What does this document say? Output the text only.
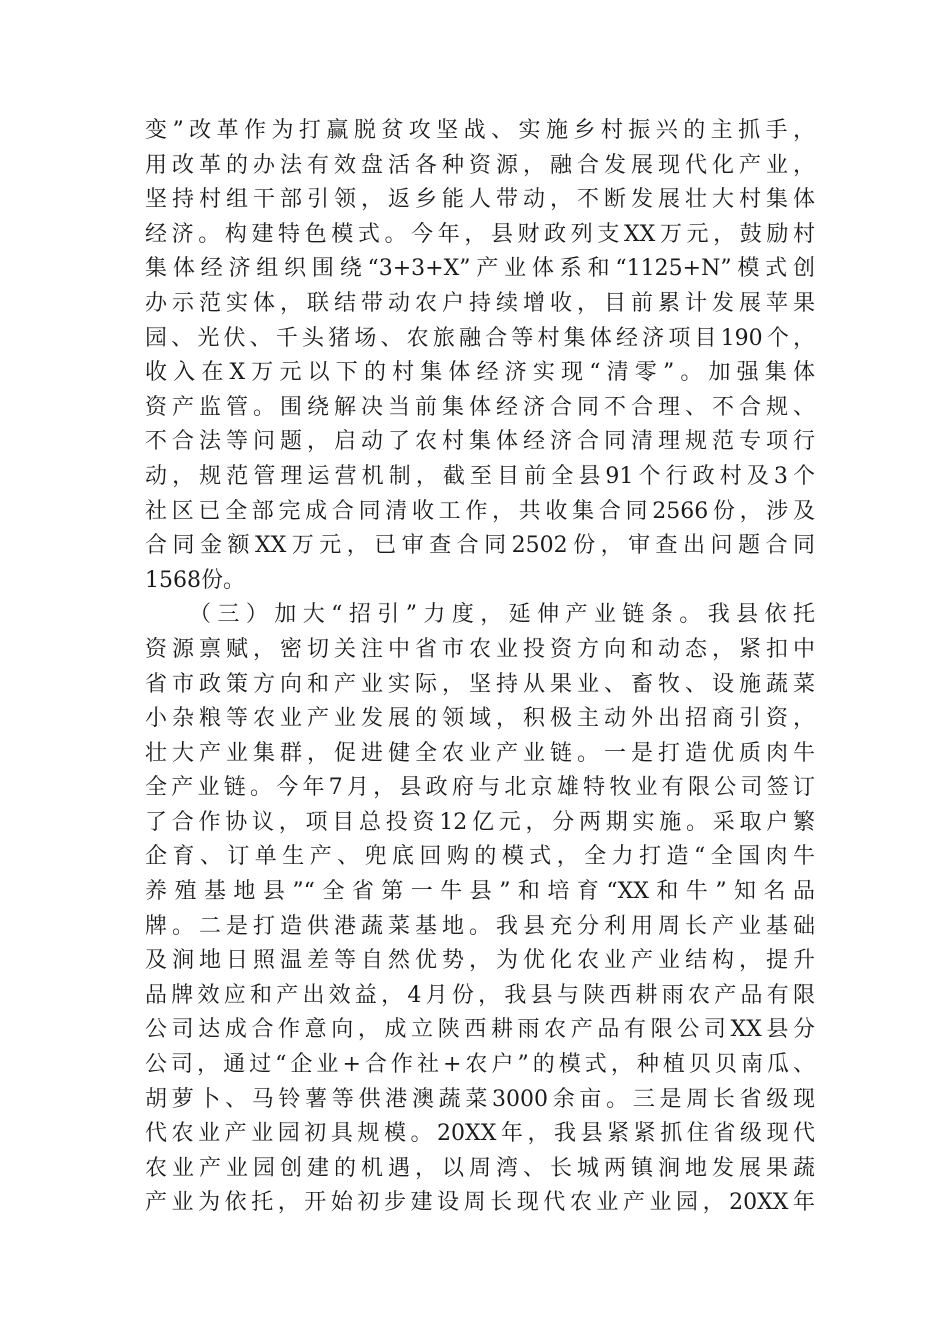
变”改革作为打赢脱贫攻坚战、实施乡村振兴的主抓手，
用改革的办法有效盘活各种资源，融合发展现代化产业，
坚持村组干部引领，返乡能人带动，不断发展壮大村集体
经济。构建特色模式。今年，县财政列支XX万元，鼓励村
集体经济组织围绕“3+3+X”产业体系和“1125+N”模式创
办示范实体，联结带动农户持续增收，目前累计发展苹果
园、光伏、千头猪场、农旅融合等村集体经济项目190个，
收入在X万元以下的村集体经济实现“清零”。加强集体
资产监管。围绕解决当前集体经济合同不合理、不合规、
不合法等问题，启动了农村集体经济合同清理规范专项行
动，规范管理运营机制，截至目前全县91个行政村及3个
社区已全部完成合同清收工作，共收集合同2566份，涉及
合同金额XX万元，已审查合同2502份，审查出问题合同
1568份。
（三）加大“招引”力度，延伸产业链条。我县依托
资源禀赋，密切关注中省市农业投资方向和动态，紧扣中
省市政策方向和产业实际，坚持从果业、畜牧、设施蔬菜
小杂粮等农业产业发展的领域，积极主动外出招商引资，
壮大产业集群，促进健全农业产业链。一是打造优质肉牛
全产业链。今年7月，县政府与北京雄特牧业有限公司签订
了合作协议，项目总投资12亿元，分两期实施。采取户繁
企育、订单生产、兜底回购的模式，全力打造“全国肉牛
养殖基地县”“全省第一牛县”和培育“XX和牛”知名品
牌。二是打造供港蔬菜基地。我县充分利用周长产业基础
及涧地日照温差等自然优势，为优化农业产业结构，提升
品牌效应和产出效益，4月份，我县与陕西耕雨农产品有限
公司达成合作意向，成立陕西耕雨农产品有限公司XX县分
公司，通过“企业+合作社+农户”的模式，种植贝贝南瓜、
胡萝卜、马铃薯等供港澳蔬菜3000余亩。三是周长省级现
代农业产业园初具规模。20XX年，我县紧紧抓住省级现代
农业产业园创建的机遇，以周湾、长城两镇涧地发展果蔬
产业为依托，开始初步建设周长现代农业产业园，20XX年
